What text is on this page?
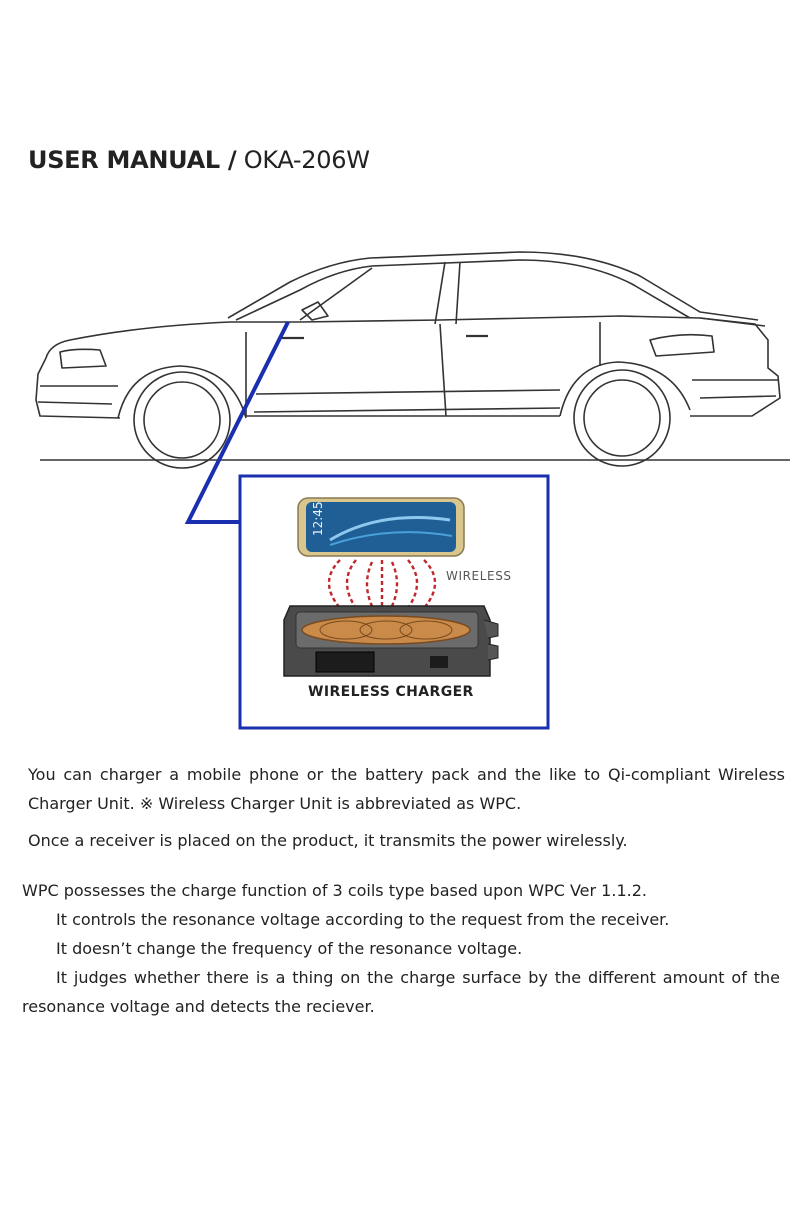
USER MANUAL / OKA-206W
12:45
WIRELESS
WIRELESS CHARGER
You can charger a mobile phone or the battery pack and the like to Qi-compliant Wireless Charger Unit. ※ Wireless Charger Unit is abbreviated as WPC.
Once a receiver is placed on the product, it transmits the power wirelessly.
WPC possesses the charge function of 3 coils type based upon WPC Ver 1.1.2.
It controls the resonance voltage according to the request from the receiver.
It doesn’t change the frequency of the resonance voltage.
It judges whether there is a thing on the charge surface by the different amount of the resonance voltage and detects the reciever.
